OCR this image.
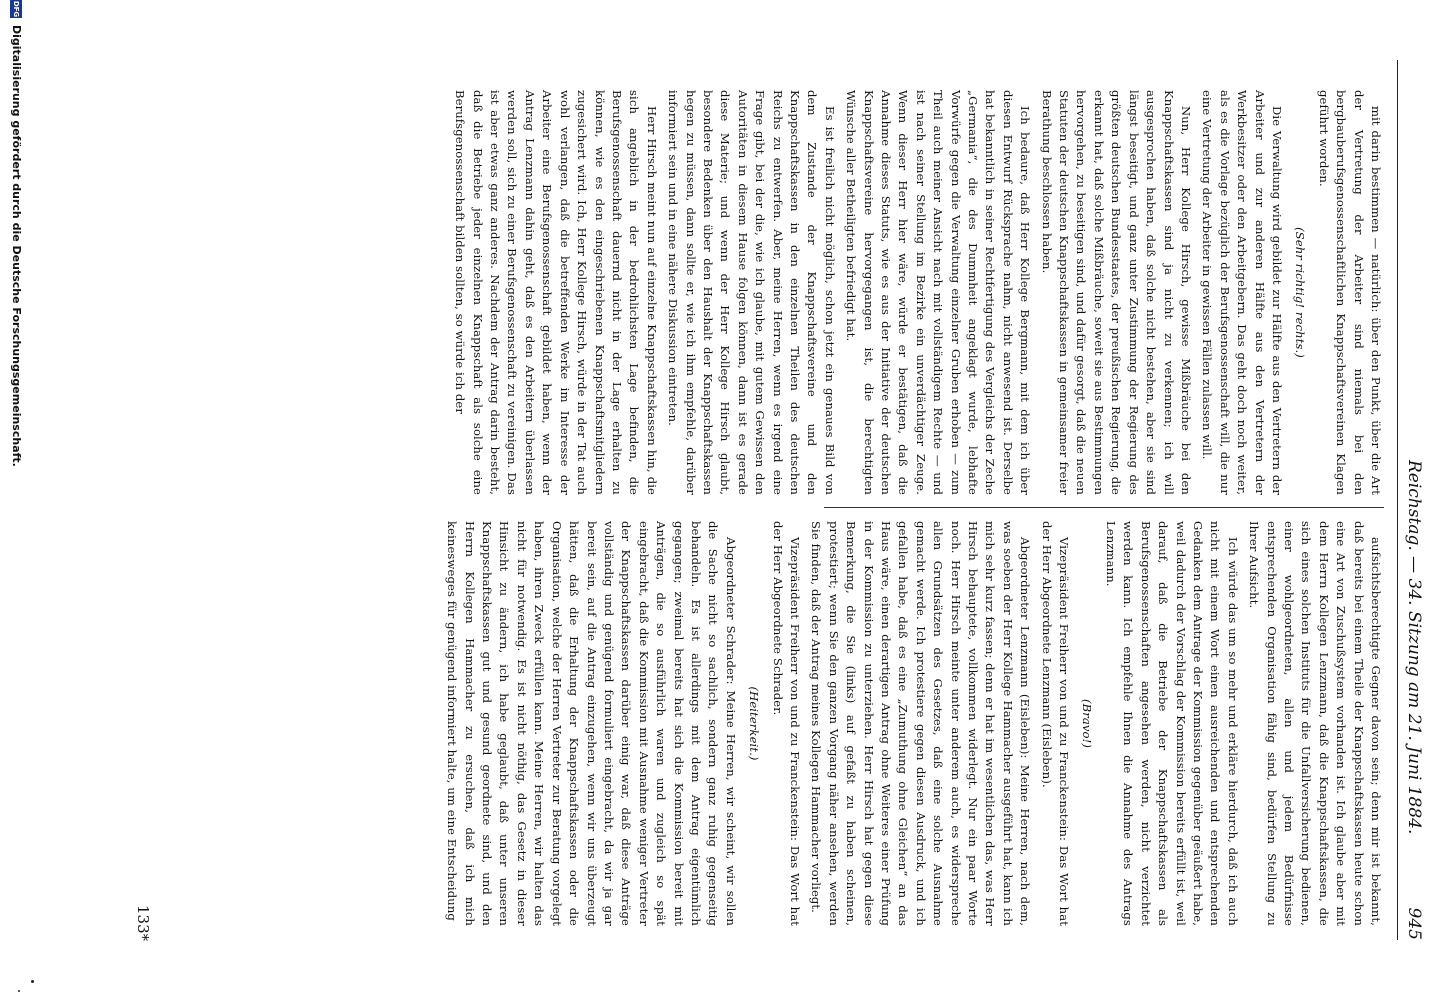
Reichstag. — 34. Sitzung am 21. Juni 1884.
945

mit darin bestimmen — natürlich: über den Punkt, über die Art der Vertretung der Arbeiter sind niemals bei den bergbauberufsgenossenschaftlichen Knappschaftsvereinen Klagen geführt worden.

(Sehr richtig! rechts.)

Die Verwaltung wird gebildet zur Hälfte aus den Vertretern der Arbeiter und zur anderen Hälfte aus den Vertretern der Werkbesitzer oder den Arbeitgebern. Das geht doch noch weiter, als es die Vorlage bezüglich der Berufsgenossenschaft will, die nur eine Vertretung der Arbeiter in gewissen Fällen zulassen will.

Nun, Herr Kollege Hirsch, gewisse Mißbräuche bei den Knappschaftskassen sind ja nicht zu verkennen; ich will ausgesprochen haben, daß solche nicht bestehen, aber sie sind längst beseitigt, und ganz unter Zustimmung der Regierung des größten deutschen Bundesstaates, der preußischen Regierung, die erkannt hat, daß solche Mißbräuche, soweit sie aus Bestimmungen hervorgehen, zu beseitigen sind, und dafür gesorgt, daß die neuen Statuten der deutschen Knappschaftskassen in gemeinsamer freier Berathung beschlossen haben.

Ich bedaure, daß Herr Kollege Bergmann, mit dem ich über diesen Entwurf Rücksprache nahm, nicht anwesend ist. Derselbe hat bekanntlich in seiner Rechtfertigung des Vergleichs der Zeche „Germania“, die des Dummheit angeklagt wurde, lebhafte Vorwürfe gegen die Verwaltung einzelner Gruben erhoben — zum Theil auch meiner Ansicht nach mit vollständigem Rechte — und ist nach seiner Stellung im Bezirke ein unverdächtiger Zeuge. Wenn dieser Herr hier wäre, würde er bestätigen, daß die Annahme dieses Statuts, wie es aus der Initiative der deutschen Knappschaftsvereine hervorgegangen ist, die berechtigten Wünsche aller Betheiligten befriedigt hat.

Es ist freilich nicht möglich, schon jetzt ein genaues Bild von dem Zustande der Knappschaftsvereine und den Knappschaftskassen in den einzelnen Theilen des deutschen Reichs zu entwerfen. Aber, meine Herren, wenn es irgend eine Frage gibt, bei der die, wie ich glaube, mit gutem Gewissen den Autoritäten in diesem Hause folgen können, dann ist es gerade diese Materie; und wenn der Herr Kollege Hirsch glaubt, besondere Bedenken über den Haushalt der Knappschaftskassen hegen zu müssen, dann sollte er, wie ich ihm empfehle, darüber informiert sein und in eine nähere Diskussion eintreten.

Herr Hirsch meint nun auf einzelne Knappschaftskassen hin, die sich angeblich in der bedrohlichsten Lage befinden, die Berufsgenossenschaft dauernd nicht in der Lage erhalten zu können, wie es den eingeschriebenen Knappschaftsmitgliedern zugesichert wird. Ich, Herr Kollege Hirsch, würde in der Tat auch wohl verlangen, daß die betreffenden Werke im Interesse der Arbeiter eine Berufsgenossenschaft gebildet haben, wenn der Antrag Lenzmann dahin geht, daß es den Arbeitern überlassen werden soll, sich zu einer Berufsgenossenschaft zu vereinigen. Das ist aber etwas ganz anderes. Nachdem der Antrag darin besteht, daß die Betriebe jeder einzelnen Knappschaft als solche eine Berufsgenossenschaft bilden sollten, so würde ich der

aufsichtsberechtigte Gegner davon sein; denn mir ist bekannt, daß bereits bei einem Theile der Knappschaftskassen heute schon eine Art von Zuschußsystem vorhanden ist. Ich glaube aber mit dem Herrn Kollegen Lenzmann, daß die Knappschaftskassen, die sich eines solchen Instituts für die Unfallversicherung bedienen, einer wohlgeordneten, allen und jedem Bedürfnisse entsprechenden Organisation fähig sind, bedürfen Stellung zu Ihrer Aufsicht.

Ich würde das um so mehr und erkläre hierdurch, daß ich auch nicht mit einem Wort einen ausreichenden und entsprechenden Gedanken dem Antrage der Kommission gegenüber geäußert habe, weil dadurch der Vorschlag der Kommission bereits erfüllt ist, weil darauf, daß die Betriebe der Knappschaftskassen als Berufsgenossenschaften angesehen werden, nicht verzichtet werden kann. Ich empfehle Ihnen die Annahme des Antrags Lenzmann.

(Bravo!)

Vizepräsident Freiherr von und zu Franckenstein: Das Wort hat der Herr Abgeordnete Lenzmann (Eisleben).

Abgeordneter Lenzmann (Eisleben): Meine Herren, nach dem, was soeben der Herr Kollege Hammacher ausgeführt hat, kann ich mich sehr kurz fassen; denn er hat im wesentlichen das, was Herr Hirsch behauptete, vollkommen widerlegt. Nur ein paar Worte noch. Herr Hirsch meinte unter anderem auch, es widerspreche allen Grundsätzen des Gesetzes, daß eine solche Ausnahme gemacht werde. Ich protestiere gegen diesen Ausdruck, und ich gefallen habe, daß es eine „Zumuthung ohne Gleichen“ an das Haus wäre, einen derartigen Antrag ohne Weiteres einer Prüfung in der Kommission zu unterziehen. Herr Hirsch hat gegen diese Bemerkung, die Sie (links) auf gefaßt zu haben scheinen, protestiert; wenn Sie den ganzen Vorgang näher ansehen, werden Sie finden, daß der Antrag meines Kollegen Hammacher vorliegt.

Vizepräsident Freiherr von und zu Franckenstein: Das Wort hat der Herr Abgeordnete Schrader.

(Heiterkeit.)

Abgeordneter Schrader: Meine Herren, wir scheint, wir sollen die Sache nicht so sachlich, sondern ganz ruhig gegenseitig behandeln. Es ist allerdings mit dem Antrag eigentümlich gegangen; zweimal bereits hat sich die Kommission bereit mit Anträgen, die so ausführlich waren und zugleich so spät eingebracht, daß die Kommission mit Ausnahme weniger Vertreter der Knappschaftskassen darüber einig war, daß diese Anträge vollständig und genügend formuliert eingebracht, da wir ja gar bereit sein, auf die Antrag einzugehen, wenn wir uns überzeugt hätten, daß die Erhaltung der Knappschaftskassen oder die Organisation, welche der Herren Vertreter zur Beratung vorgelegt haben, ihren Zweck erfüllen kann. Meine Herren, wir halten das nicht für notwendig. Es ist nicht nöthig, das Gesetz in dieser Hinsicht zu ändern, ich habe geglaubt, daß unter unseren Knappschaftskassen gut und gesund geordnete sind, und den Herrn Kollegen Hammacher zu ersuchen, daß ich mich keinesweges für genügend informiert halte, um eine Entscheidung

133*
DFG
Digitalisierung gefördert durch die Deutsche Forschungsgemeinschaft.
